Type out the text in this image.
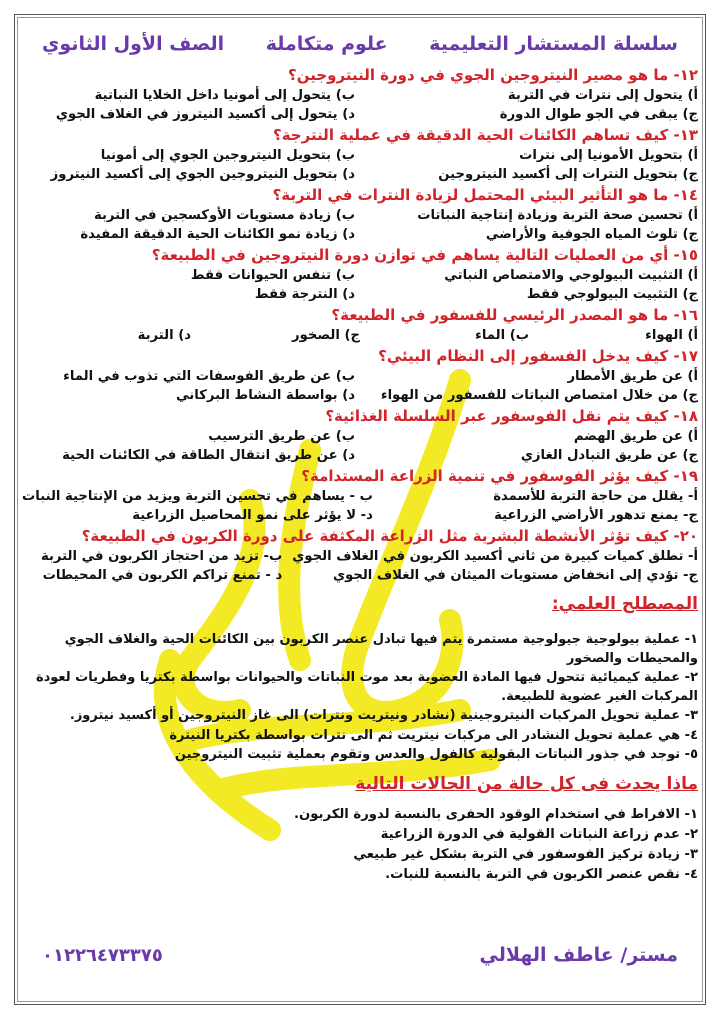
سلسلة المستشار التعليمية
علوم متكاملة
الصف الأول الثانوي
١٢- ما هو مصير النيتروجين الجوي في دورة النيتروجين؟
أ) يتحول إلى نترات في التربة
ب) يتحول إلى أمونيا داخل الخلايا النباتية
ج) يبقى في الجو طوال الدورة
د) يتحول إلى أكسيد النيتروز في الغلاف الجوي
١٣- كيف تساهم الكائنات الحية الدقيقة في عملية النترجة؟
أ) بتحويل الأمونيا إلى نترات
ب) بتحويل النيتروجين الجوي إلى أمونيا
ج) بتحويل النترات إلى أكسيد النيتروجين
د) بتحويل النيتروجين الجوي إلى أكسيد النيتروز
١٤- ما هو التأثير البيئي المحتمل لزيادة النترات في التربة؟
أ) تحسين صحة التربة وزيادة إنتاجية النباتات
ب) زيادة مستويات الأوكسجين في التربة
ج) تلوث المياه الجوفية والأراضي
د) زيادة نمو الكائنات الحية الدقيقة المفيدة
١٥- أي من العمليات التالية يساهم في توازن دورة النيتروجين في الطبيعة؟
أ) التثبيت البيولوجي والامتصاص النباتي
ب) تنفس الحيوانات فقط
ج) التثبيت البيولوجي فقط
د) النترجة فقط
١٦- ما هو المصدر الرئيسي للفسفور في الطبيعة؟
أ) الهواء
ب) الماء
ج) الصخور
د) التربة
١٧- كيف يدخل الفسفور إلى النظام البيئي؟
أ) عن طريق الأمطار
ب) عن طريق الفوسفات التي تذوب في الماء
ج) من خلال امتصاص النباتات للفسفور من الهواء
د) بواسطة النشاط البركاني
١٨- كيف يتم نقل الفوسفور عبر السلسلة الغذائية؟
أ) عن طريق الهضم
ب) عن طريق الترسيب
ج) عن طريق التبادل الغازي
د) عن طريق انتقال الطاقة في الكائنات الحية
١٩- كيف يؤثر الفوسفور في تنمية الزراعة المستدامة؟
أ- يقلل من حاجة التربة للأسمدة
ب - يساهم في تحسين التربة ويزيد من الإنتاجية النبات
ج- يمنع تدهور الأراضي الزراعية
د- لا يؤثر على نمو المحاصيل الزراعية
٢٠- كيف تؤثر الأنشطة البشرية مثل الزراعة المكثفة على دورة الكربون في الطبيعة؟
أ- تطلق كميات كبيرة من ثاني أكسيد الكربون في الغلاف الجوي
ب- تزيد من احتجاز الكربون في التربة
ج- تؤدي إلى انخفاض مستويات الميثان في الغلاف الجوي
د - تمنع تراكم الكربون في المحيطات
المصطلح العلمي:
١- عملية بيولوجية جيولوجية مستمرة يتم فيها تبادل عنصر الكربون بين الكائنات الحية والغلاف الجوي والمحيطات والصخور
٢- عملية كيميائية تتحول فيها المادة العضوية بعد موت النباتات والحيوانات بواسطة بكتريا وفطريات لعودة المركبات الغير عضوية للطبيعة.
٣- عملية تحويل المركبات النيتروجينية (نشادر ونيتريت ونترات) الى غاز النيتروجين أو أكسيد نيتروز.
٤- هي عملية تحويل النشادر الى مركبات نيتريت ثم الى نترات بواسطة بكتريا النيترة
٥- توجد في جذور النباتات البقولية كالفول والعدس وتقوم بعملية تثبيت النيتروجين
ماذا يحدث فى كل حالة من الحالات التالية
١- الافراط في استخدام الوقود الحفرى بالنسبة لدورة الكربون.
٢- عدم زراعة النباتات القولية في الدورة الزراعية
٣- زيادة تركيز الفوسفور في التربة بشكل غير طبيعي
٤- نقص عنصر الكربون في التربة بالنسبة للنبات.
مستر/ عاطف الهلالي
٠١٢٢٦٤٧٣٣٧٥
